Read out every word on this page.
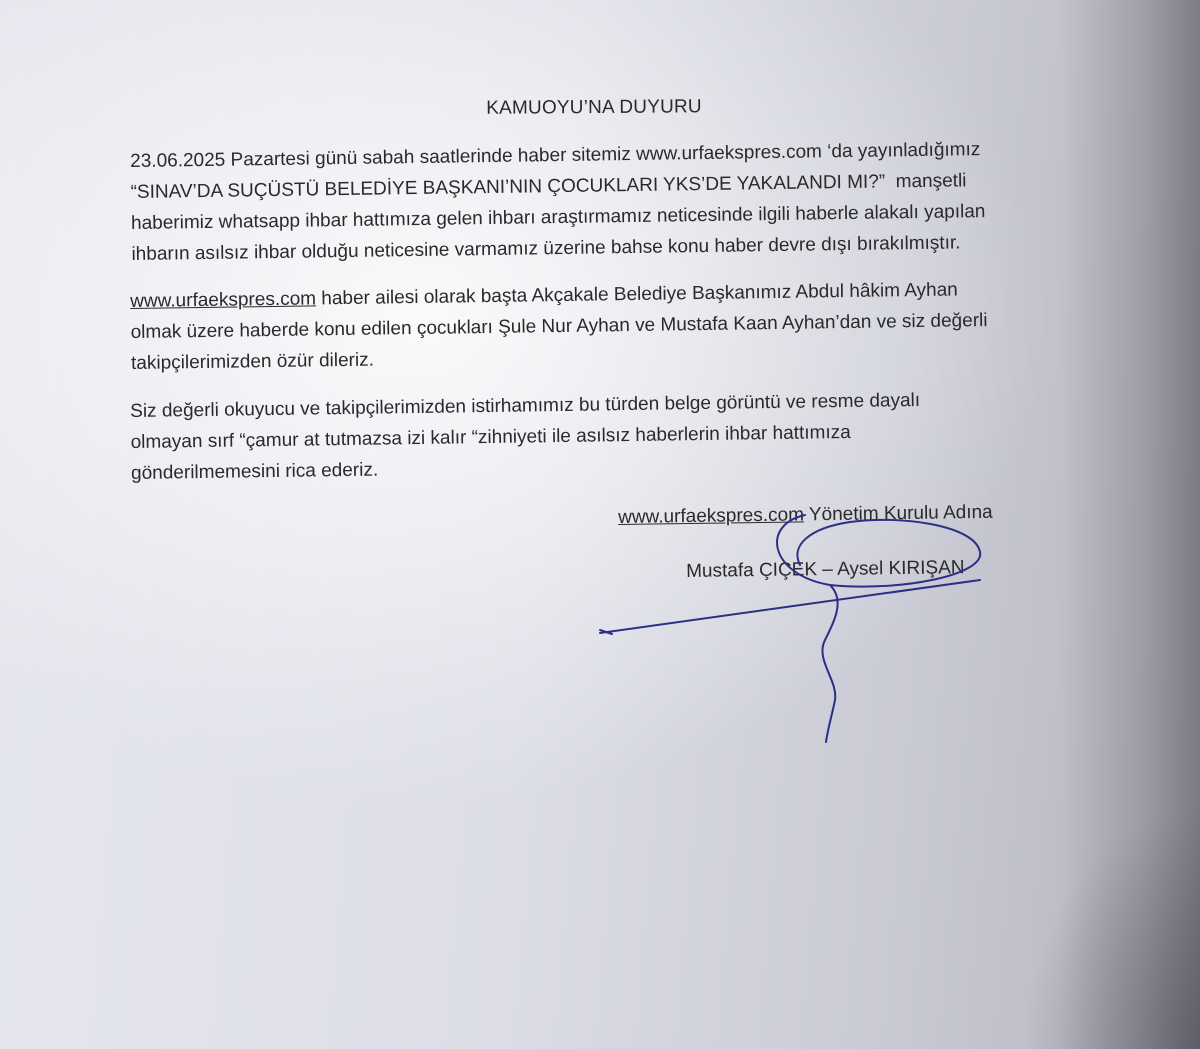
KAMUOYU’NA DUYURU

23.06.2025 Pazartesi günü sabah saatlerinde haber sitemiz www.urfaekspres.com ‘da yayınladığımız
“SINAV’DA SUÇÜSTÜ BELEDİYE BAŞKANI’NIN ÇOCUKLARI YKS’DE YAKALANDI MI?”  manşetli
haberimiz whatsapp ihbar hattımıza gelen ihbarı araştırmamız neticesinde ilgili haberle alakalı yapılan
ihbarın asılsız ihbar olduğu neticesine varmamız üzerine bahse konu haber devre dışı bırakılmıştır.

www.urfaekspres.com haber ailesi olarak başta Akçakale Belediye Başkanımız Abdul hâkim Ayhan
olmak üzere haberde konu edilen çocukları Şule Nur Ayhan ve Mustafa Kaan Ayhan’dan ve siz değerli
takipçilerimizden özür dileriz.

Siz değerli okuyucu ve takipçilerimizden istirhamımız bu türden belge görüntü ve resme dayalı
olmayan sırf “çamur at tutmazsa izi kalır “zihniyeti ile asılsız haberlerin ihbar hattımıza
gönderilmemesini rica ederiz.

www.urfaekspres.com Yönetim Kurulu Adına
Mustafa ÇIÇEK – Aysel KIRIŞAN
